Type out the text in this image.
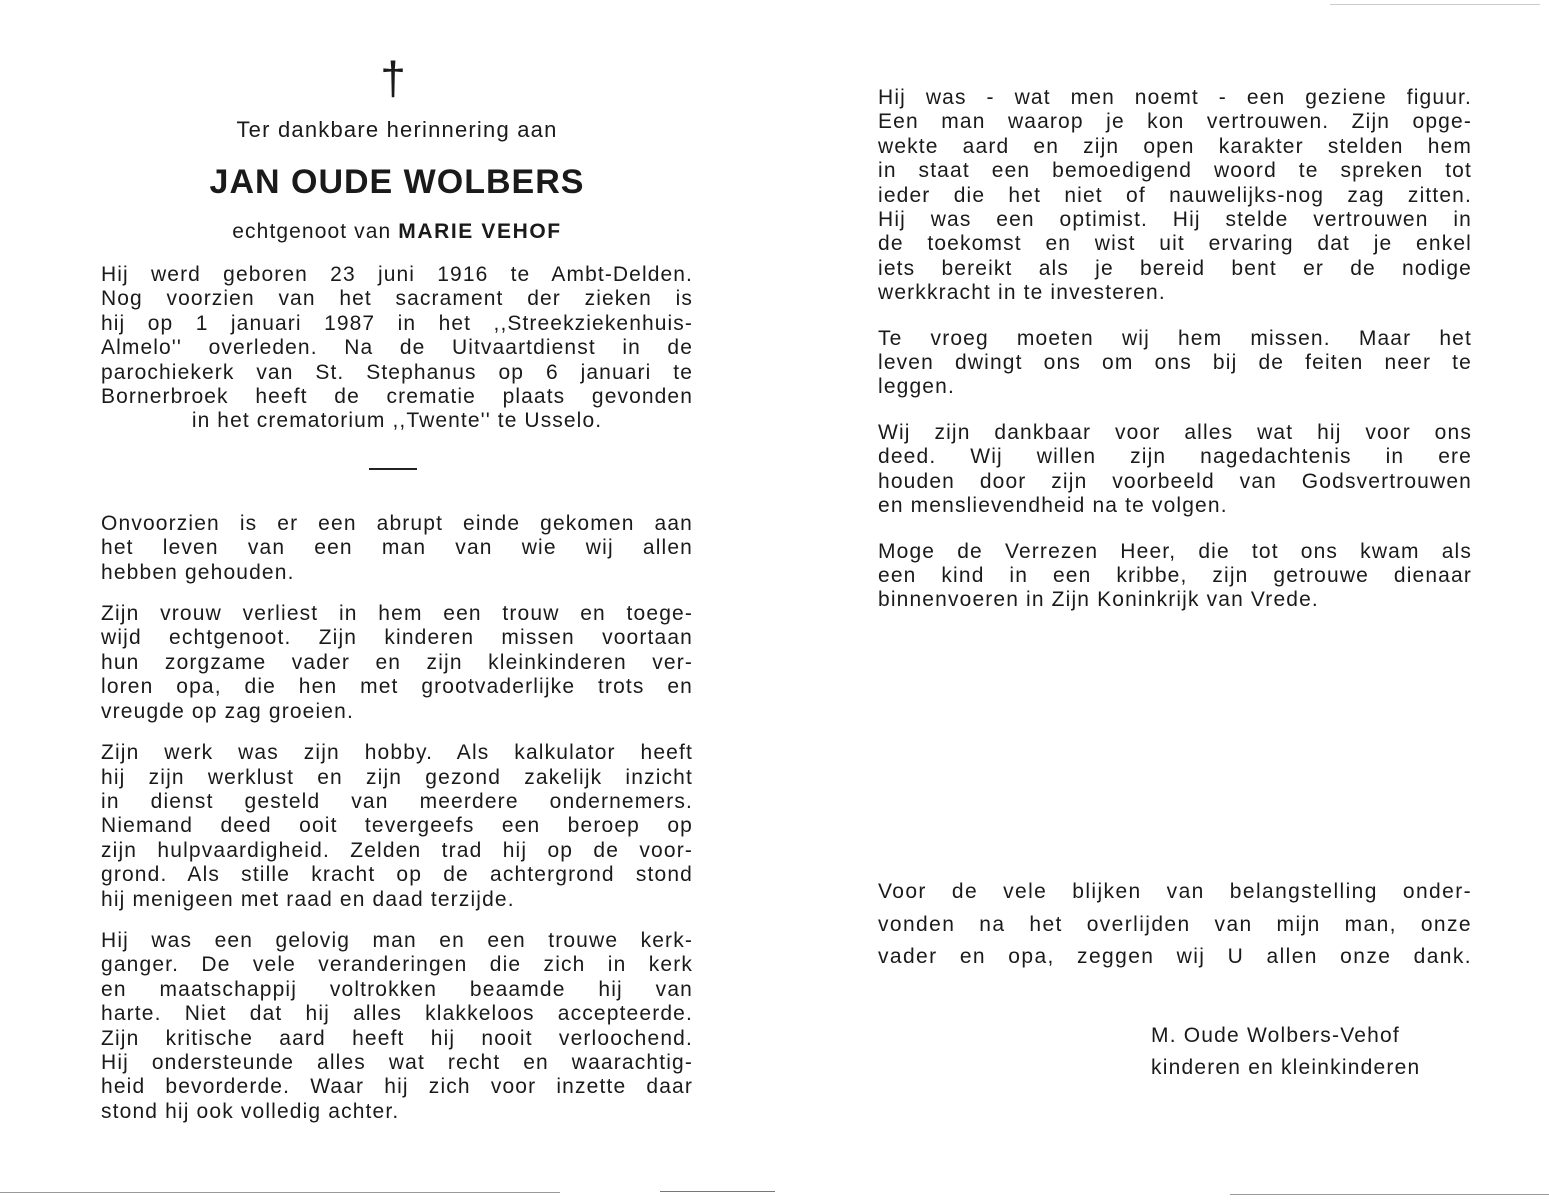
†
Ter dankbare herinnering aan
JAN OUDE WOLBERS
echtgenoot van MARIE VEHOF
Hij werd geboren 23 juni 1916 te Ambt-Delden.
Nog voorzien van het sacrament der zieken is
hij op 1 januari 1987 in het ,,Streekziekenhuis-
Almelo'' overleden. Na de Uitvaartdienst in de
parochiekerk van St. Stephanus op 6 januari te
Bornerbroek heeft de crematie plaats gevonden
in het crematorium ,,Twente'' te Usselo.
Onvoorzien is er een abrupt einde gekomen aan
het leven van een man van wie wij allen
hebben gehouden.
Zijn vrouw verliest in hem een trouw en toege-
wijd echtgenoot. Zijn kinderen missen voortaan
hun zorgzame vader en zijn kleinkinderen ver-
loren opa, die hen met grootvaderlijke trots en
vreugde op zag groeien.
Zijn werk was zijn hobby. Als kalkulator heeft
hij zijn werklust en zijn gezond zakelijk inzicht
in dienst gesteld van meerdere ondernemers.
Niemand deed ooit tevergeefs een beroep op
zijn hulpvaardigheid. Zelden trad hij op de voor-
grond. Als stille kracht op de achtergrond stond
hij menigeen met raad en daad terzijde.
Hij was een gelovig man en een trouwe kerk-
ganger. De vele veranderingen die zich in kerk
en maatschappij voltrokken beaamde hij van
harte. Niet dat hij alles klakkeloos accepteerde.
Zijn kritische aard heeft hij nooit verloochend.
Hij ondersteunde alles wat recht en waarachtig-
heid bevorderde. Waar hij zich voor inzette daar
stond hij ook volledig achter.
Hij was - wat men noemt - een geziene figuur.
Een man waarop je kon vertrouwen. Zijn opge-
wekte aard en zijn open karakter stelden hem
in staat een bemoedigend woord te spreken tot
ieder die het niet of nauwelijks-nog zag zitten.
Hij was een optimist. Hij stelde vertrouwen in
de toekomst en wist uit ervaring dat je enkel
iets bereikt als je bereid bent er de nodige
werkkracht in te investeren.
Te vroeg moeten wij hem missen. Maar het
leven dwingt ons om ons bij de feiten neer te
leggen.
Wij zijn dankbaar voor alles wat hij voor ons
deed. Wij willen zijn nagedachtenis in ere
houden door zijn voorbeeld van Godsvertrouwen
en menslievendheid na te volgen.
Moge de Verrezen Heer, die tot ons kwam als
een kind in een kribbe, zijn getrouwe dienaar
binnenvoeren in Zijn Koninkrijk van Vrede.
Voor de vele blijken van belangstelling onder-
vonden na het overlijden van mijn man, onze
vader en opa, zeggen wij U allen onze dank.
M. Oude Wolbers-Vehof
kinderen en kleinkinderen
